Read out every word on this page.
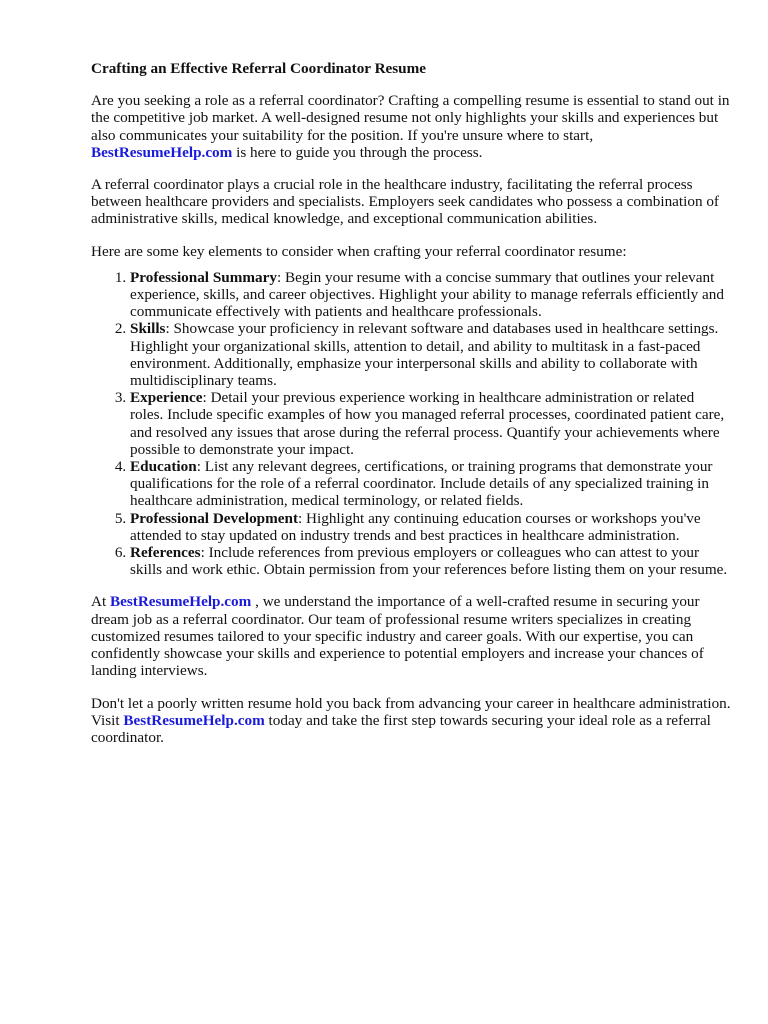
Crafting an Effective Referral Coordinator Resume

Are you seeking a role as a referral coordinator? Crafting a compelling resume is essential to stand out in the competitive job market. A well-designed resume not only highlights your skills and experiences but also communicates your suitability for the position. If you're unsure where to start, BestResumeHelp.com is here to guide you through the process.

A referral coordinator plays a crucial role in the healthcare industry, facilitating the referral process between healthcare providers and specialists. Employers seek candidates who possess a combination of administrative skills, medical knowledge, and exceptional communication abilities.

Here are some key elements to consider when crafting your referral coordinator resume:

1. Professional Summary: Begin your resume with a concise summary that outlines your relevant experience, skills, and career objectives. Highlight your ability to manage referrals efficiently and communicate effectively with patients and healthcare professionals.
2. Skills: Showcase your proficiency in relevant software and databases used in healthcare settings. Highlight your organizational skills, attention to detail, and ability to multitask in a fast-paced environment. Additionally, emphasize your interpersonal skills and ability to collaborate with multidisciplinary teams.
3. Experience: Detail your previous experience working in healthcare administration or related roles. Include specific examples of how you managed referral processes, coordinated patient care, and resolved any issues that arose during the referral process. Quantify your achievements where possible to demonstrate your impact.
4. Education: List any relevant degrees, certifications, or training programs that demonstrate your qualifications for the role of a referral coordinator. Include details of any specialized training in healthcare administration, medical terminology, or related fields.
5. Professional Development: Highlight any continuing education courses or workshops you've attended to stay updated on industry trends and best practices in healthcare administration.
6. References: Include references from previous employers or colleagues who can attest to your skills and work ethic. Obtain permission from your references before listing them on your resume.

At BestResumeHelp.com , we understand the importance of a well-crafted resume in securing your dream job as a referral coordinator. Our team of professional resume writers specializes in creating customized resumes tailored to your specific industry and career goals. With our expertise, you can confidently showcase your skills and experience to potential employers and increase your chances of landing interviews.

Don't let a poorly written resume hold you back from advancing your career in healthcare administration. Visit BestResumeHelp.com today and take the first step towards securing your ideal role as a referral coordinator.
